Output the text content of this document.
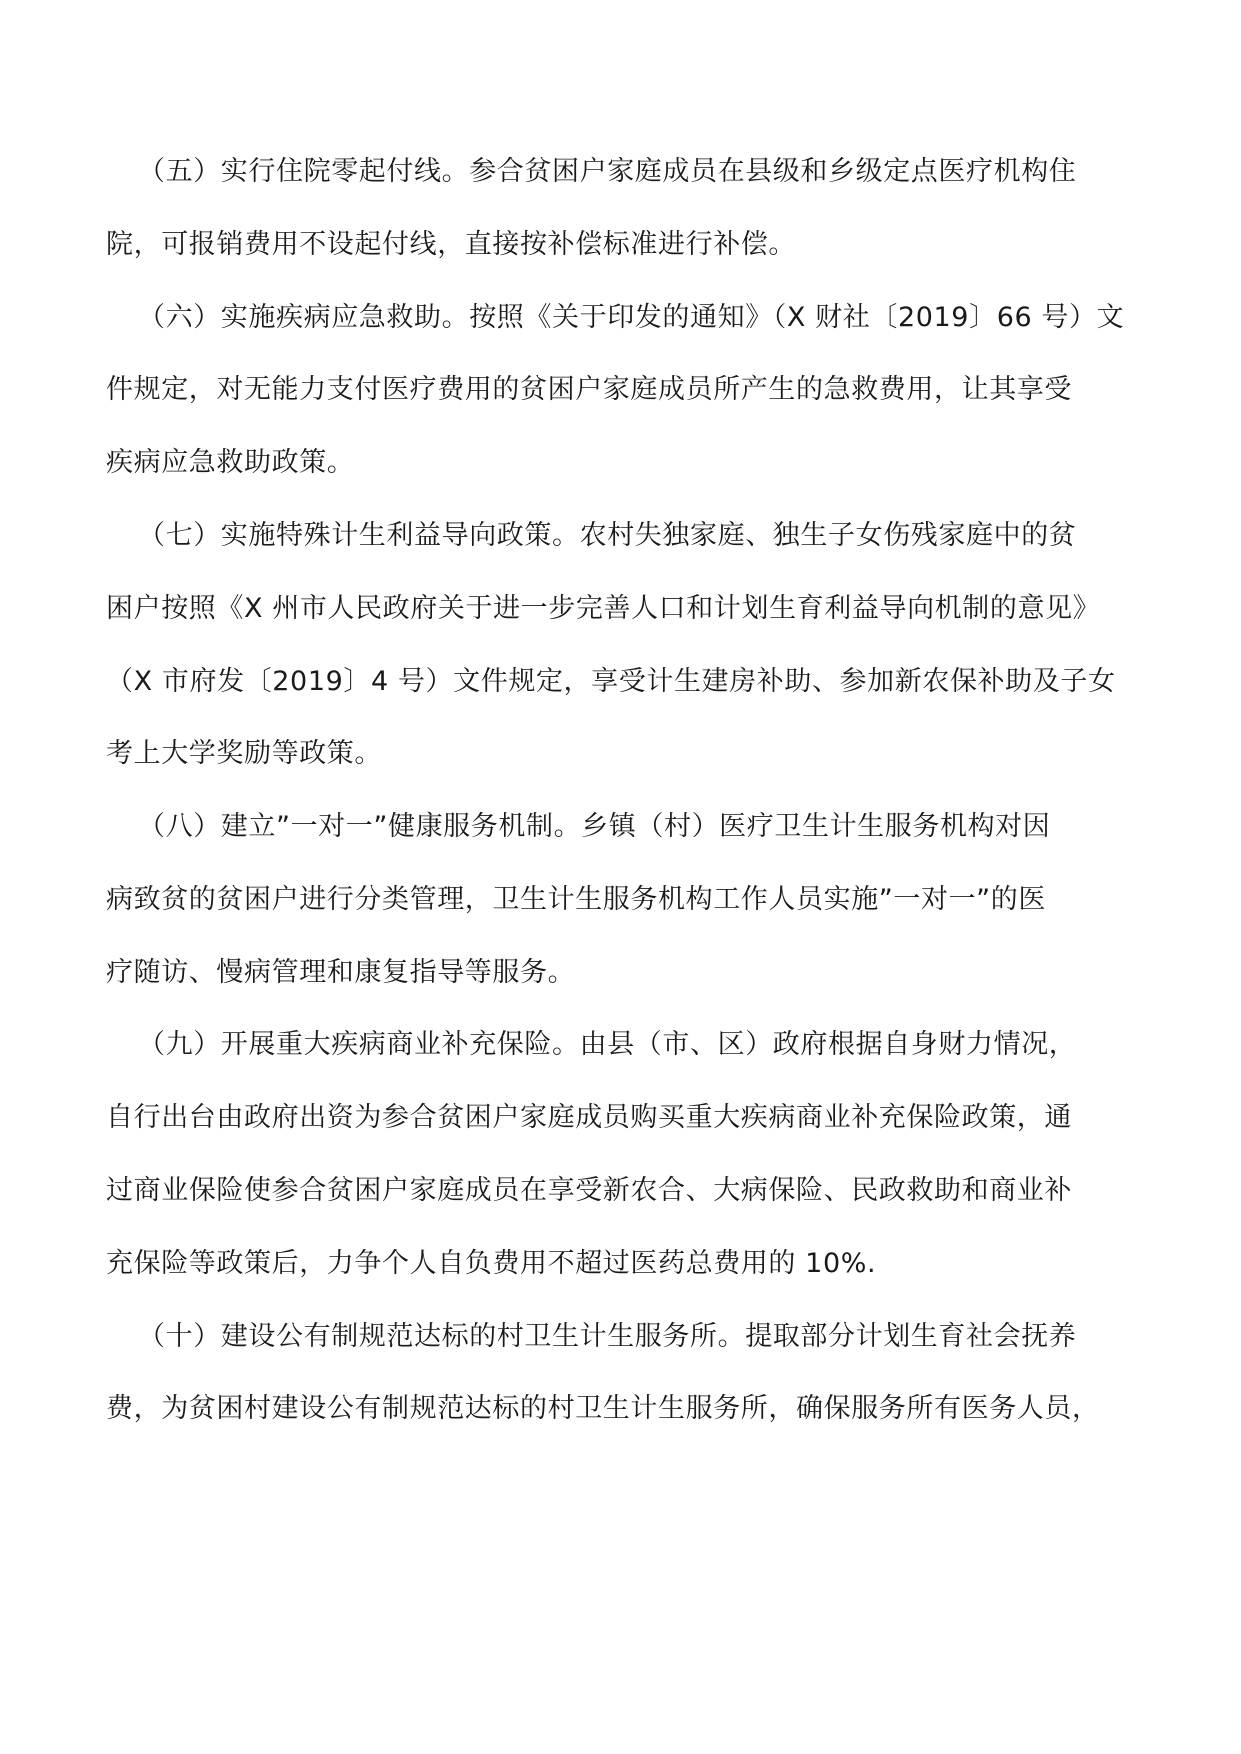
（五）实行住院零起付线。参合贫困户家庭成员在县级和乡级定点医疗机构住
院，可报销费用不设起付线，直接按补偿标准进行补偿。
（六）实施疾病应急救助。按照《关于印发的通知》（X 财社〔2019〕66 号）文
件规定，对无能力支付医疗费用的贫困户家庭成员所产生的急救费用，让其享受
疾病应急救助政策。
（七）实施特殊计生利益导向政策。农村失独家庭、独生子女伤残家庭中的贫
困户按照《X 州市人民政府关于进一步完善人口和计划生育利益导向机制的意见》
（X 市府发〔2019〕4 号）文件规定，享受计生建房补助、参加新农保补助及子女
考上大学奖励等政策。
（八）建立”一对一”健康服务机制。乡镇（村）医疗卫生计生服务机构对因
病致贫的贫困户进行分类管理，卫生计生服务机构工作人员实施”一对一”的医
疗随访、慢病管理和康复指导等服务。
（九）开展重大疾病商业补充保险。由县（市、区）政府根据自身财力情况，
自行出台由政府出资为参合贫困户家庭成员购买重大疾病商业补充保险政策，通
过商业保险使参合贫困户家庭成员在享受新农合、大病保险、民政救助和商业补
充保险等政策后，力争个人自负费用不超过医药总费用的 10%.
（十）建设公有制规范达标的村卫生计生服务所。提取部分计划生育社会抚养
费，为贫困村建设公有制规范达标的村卫生计生服务所，确保服务所有医务人员，
